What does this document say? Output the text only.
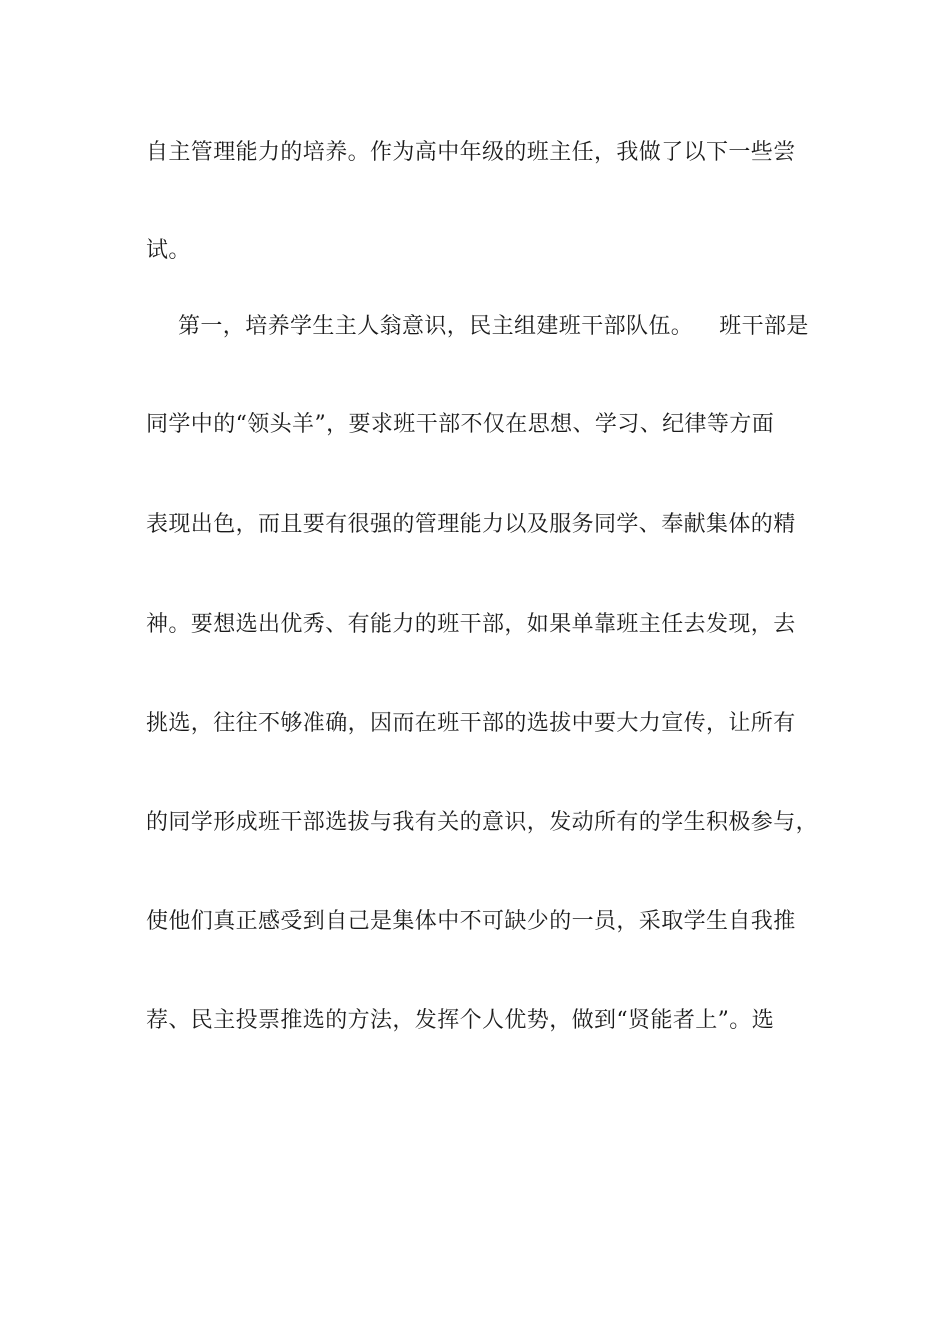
自主管理能力的培养。作为高中年级的班主任，我做了以下一些尝
试。
第一，培养学生主人翁意识，民主组建班干部队伍。 班干部是
同学中的“领头羊”，要求班干部不仅在思想、学习、纪律等方面
表现出色，而且要有很强的管理能力以及服务同学、奉献集体的精
神。要想选出优秀、有能力的班干部，如果单靠班主任去发现，去
挑选，往往不够准确，因而在班干部的选拔中要大力宣传，让所有
的同学形成班干部选拔与我有关的意识，发动所有的学生积极参与，
使他们真正感受到自己是集体中不可缺少的一员，采取学生自我推
荐、民主投票推选的方法，发挥个人优势，做到“贤能者上”。选
